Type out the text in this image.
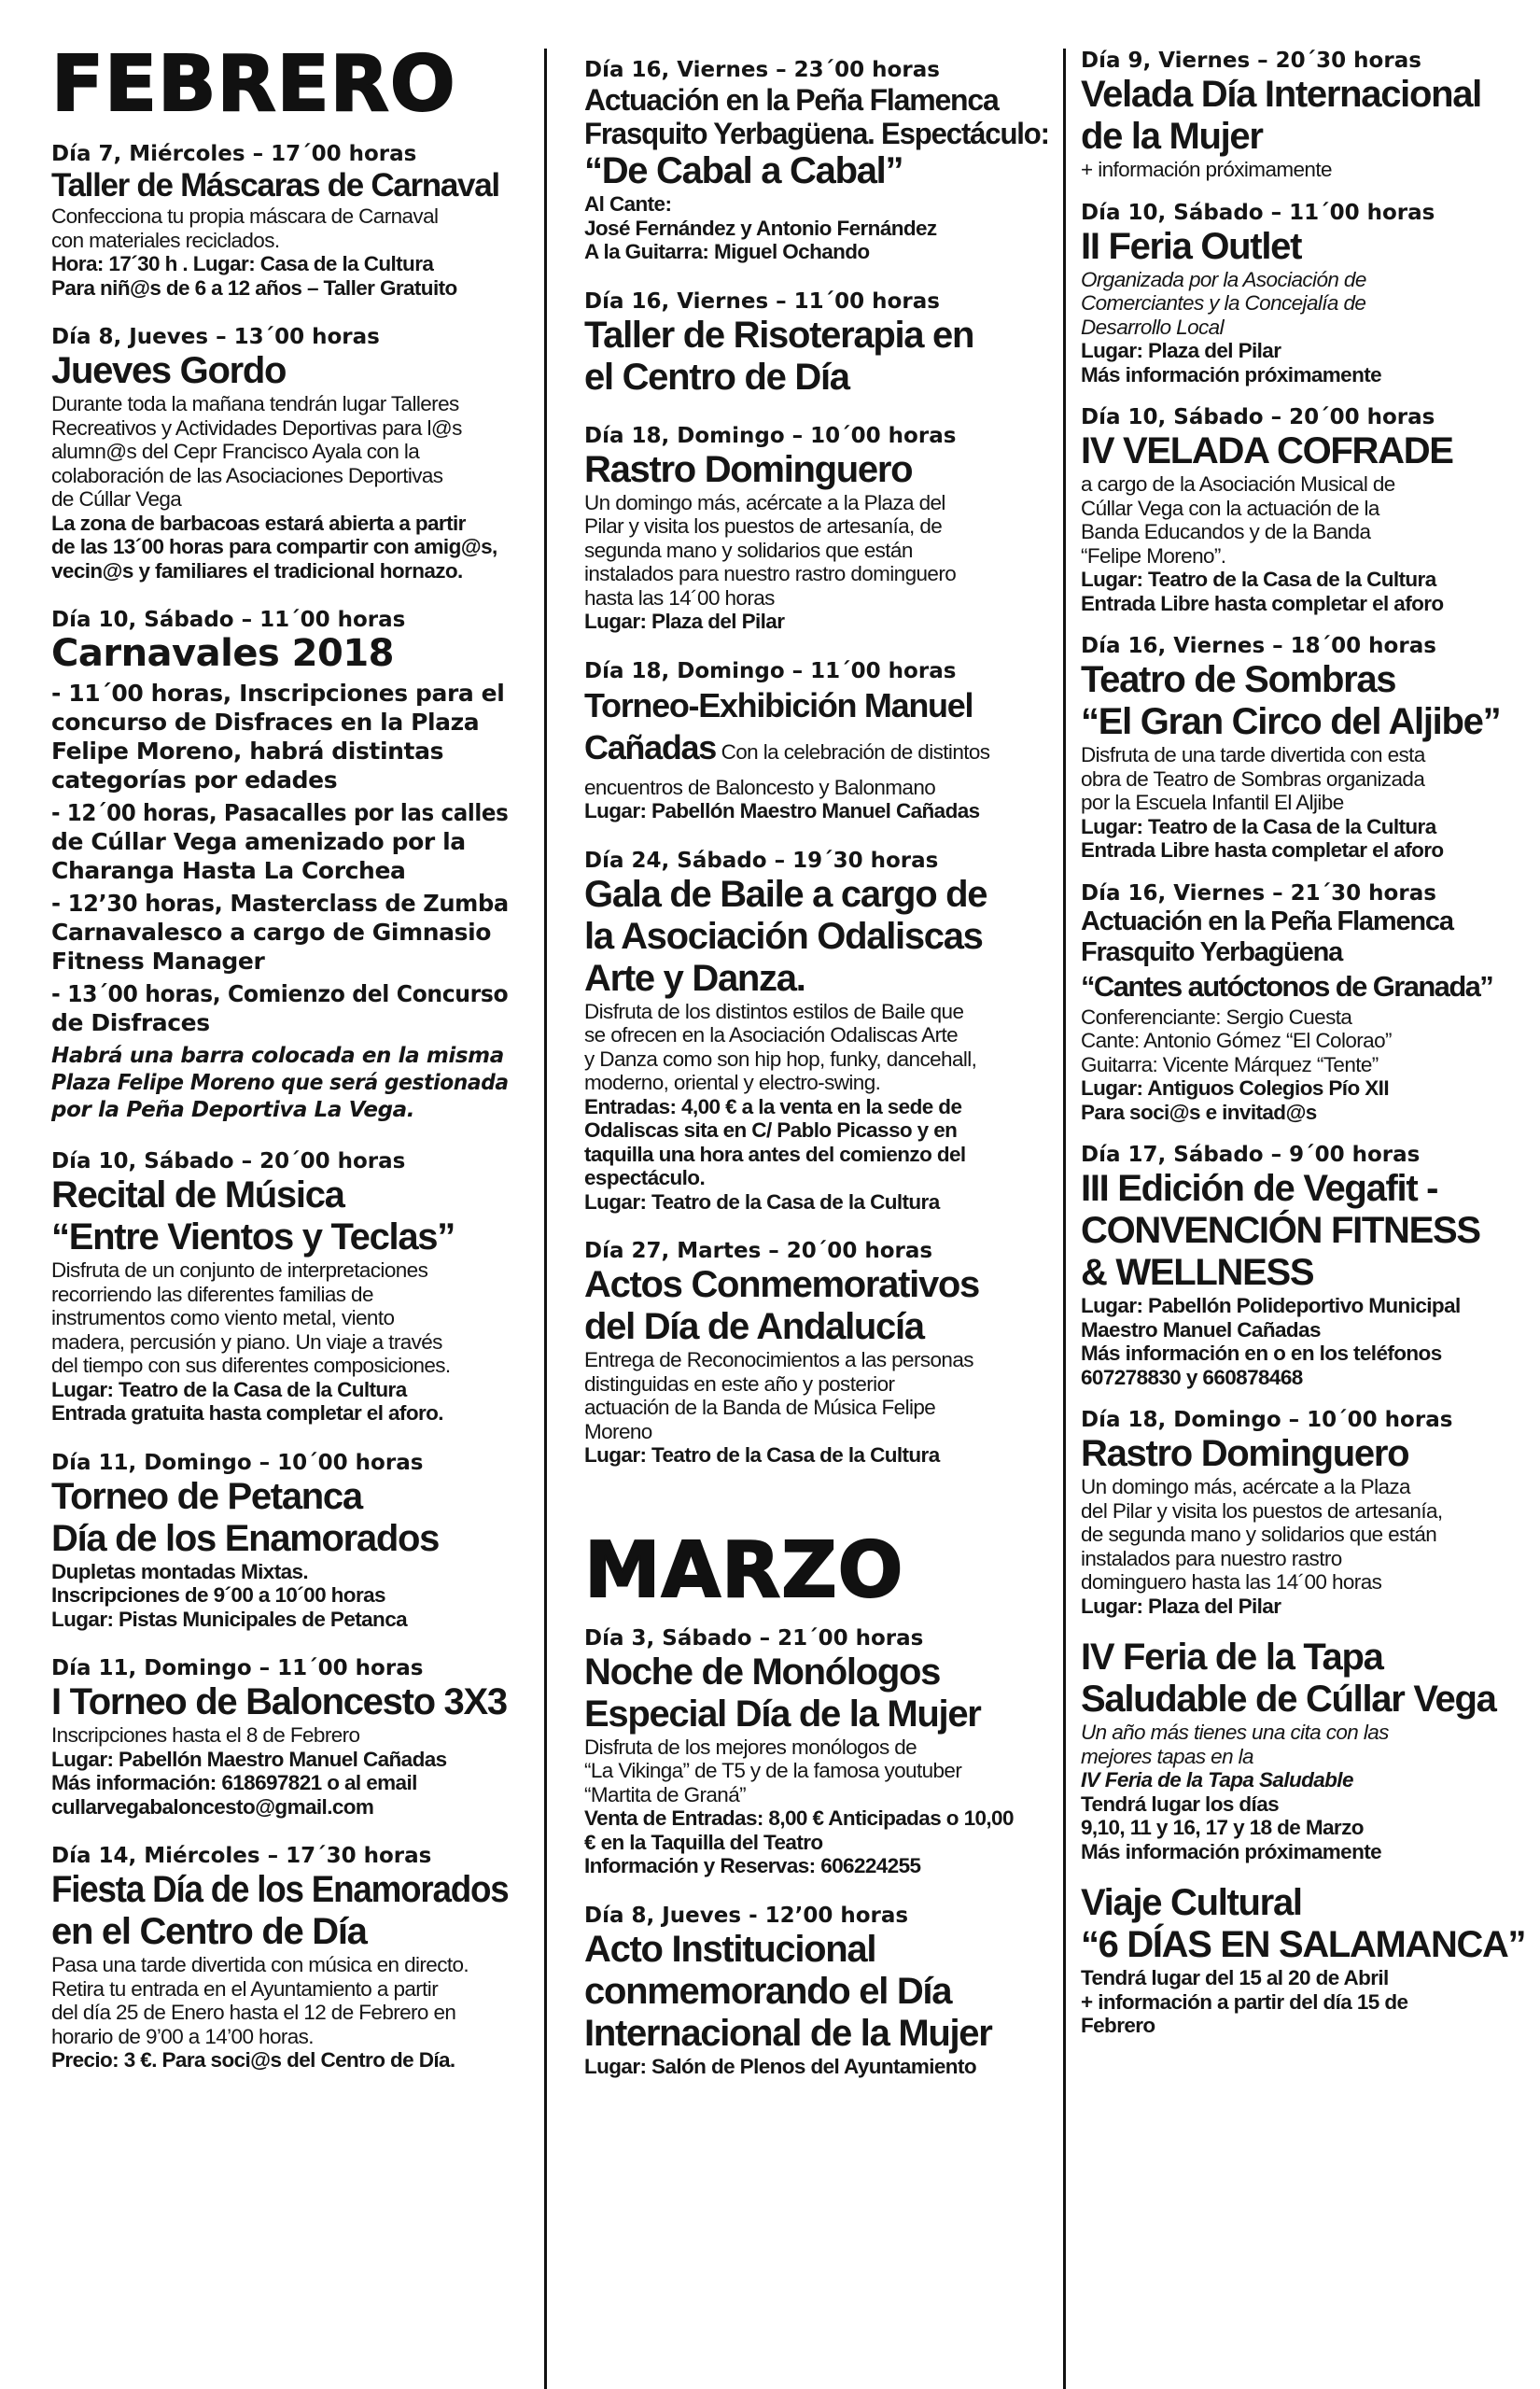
FEBRERO
Día 7, Miércoles – 17´00 horas
Taller de Máscaras de Carnaval
Confecciona tu propia máscara de Carnaval
con materiales reciclados.
Hora: 17´30 h . Lugar: Casa de la Cultura
Para niñ@s de 6 a 12 años – Taller Gratuito
Día 8, Jueves – 13´00 horas
Jueves Gordo
Durante toda la mañana tendrán lugar Talleres
Recreativos y Actividades Deportivas para l@s
alumn@s del Cepr Francisco Ayala con la
colaboración de las Asociaciones Deportivas
de Cúllar Vega
La zona de barbacoas estará abierta a partir
de las 13´00 horas para compartir con amig@s,
vecin@s y familiares el tradicional hornazo.
Día 10, Sábado – 11´00 horas
Carnavales 2018
- 11´00 horas, Inscripciones para el
concurso de Disfraces en la Plaza
Felipe Moreno, habrá distintas
categorías por edades
- 12´00 horas, Pasacalles por las calles
de Cúllar Vega amenizado por la
Charanga Hasta La Corchea
- 12’30 horas, Masterclass de Zumba
Carnavalesco a cargo de Gimnasio
Fitness Manager
- 13´00 horas, Comienzo del Concurso
de Disfraces
Habrá una barra colocada en la misma
Plaza Felipe Moreno que será gestionada
por la Peña Deportiva La Vega.
Día 10, Sábado – 20´00 horas
Recital de Música
“Entre Vientos y Teclas”
Disfruta de un conjunto de interpretaciones
recorriendo las diferentes familias de
instrumentos como viento metal, viento
madera, percusión y piano. Un viaje a través
del tiempo con sus diferentes composiciones.
Lugar: Teatro de la Casa de la Cultura
Entrada gratuita hasta completar el aforo.
Día 11, Domingo – 10´00 horas
Torneo de Petanca
Día de los Enamorados
Dupletas montadas Mixtas.
Inscripciones de 9´00 a 10´00 horas
Lugar: Pistas Municipales de Petanca
Día 11, Domingo – 11´00 horas
I Torneo de Baloncesto 3X3
Inscripciones hasta el 8 de Febrero
Lugar: Pabellón Maestro Manuel Cañadas
Más información: 618697821 o al email
cullarvegabaloncesto@gmail.com
Día 14, Miércoles – 17´30 horas
Fiesta Día de los Enamorados
en el Centro de Día
Pasa una tarde divertida con música en directo.
Retira tu entrada en el Ayuntamiento a partir
del día 25 de Enero hasta el 12 de Febrero en
horario de 9’00 a 14’00 horas.
Precio: 3 €. Para soci@s del Centro de Día.
Día 16, Viernes – 23´00 horas
Actuación en la Peña Flamenca
Frasquito Yerbagüena. Espectáculo:
“De Cabal a Cabal”
Al Cante:
José Fernández y Antonio Fernández
A la Guitarra: Miguel Ochando
Día 16, Viernes – 11´00 horas
Taller de Risoterapia en
el Centro de Día
Día 18, Domingo – 10´00 horas
Rastro Dominguero
Un domingo más, acércate a la Plaza del
Pilar y visita los puestos de artesanía, de
segunda mano y solidarios que están
instalados para nuestro rastro dominguero
hasta las 14´00 horas
Lugar: Plaza del Pilar
Día 18, Domingo – 11´00 horas
Torneo-Exhibición Manuel
Cañadas Con la celebración de distintos
encuentros de Baloncesto y Balonmano
Lugar: Pabellón Maestro Manuel Cañadas
Día 24, Sábado – 19´30 horas
Gala de Baile a cargo de
la Asociación Odaliscas
Arte y Danza.
Disfruta de los distintos estilos de Baile que
se ofrecen en la Asociación Odaliscas Arte
y Danza como son hip hop, funky, dancehall,
moderno, oriental y electro-swing.
Entradas: 4,00 € a la venta en la sede de
Odaliscas sita en C/ Pablo Picasso y en
taquilla una hora antes del comienzo del
espectáculo.
Lugar: Teatro de la Casa de la Cultura
Día 27, Martes – 20´00 horas
Actos Conmemorativos
del Día de Andalucía
Entrega de Reconocimientos a las personas
distinguidas en este año y posterior
actuación de la Banda de Música Felipe
Moreno
Lugar: Teatro de la Casa de la Cultura
MARZO
Día 3, Sábado – 21´00 horas
Noche de Monólogos
Especial Día de la Mujer
Disfruta de los mejores monólogos de
“La Vikinga” de T5 y de la famosa youtuber
“Martita de Graná”
Venta de Entradas: 8,00 € Anticipadas o 10,00
€ en la Taquilla del Teatro
Información y Reservas: 606224255
Día 8, Jueves - 12’00 horas
Acto Institucional
conmemorando el Día
Internacional de la Mujer
Lugar: Salón de Plenos del Ayuntamiento
Día 9, Viernes – 20´30 horas
Velada Día Internacional
de la Mujer
+ información próximamente
Día 10, Sábado – 11´00 horas
II Feria Outlet
Organizada por la Asociación de
Comerciantes y la Concejalía de
Desarrollo Local
Lugar: Plaza del Pilar
Más información próximamente
Día 10, Sábado – 20´00 horas
IV VELADA COFRADE
a cargo de la Asociación Musical de
Cúllar Vega con la actuación de la
Banda Educandos y de la Banda
“Felipe Moreno”.
Lugar: Teatro de la Casa de la Cultura
Entrada Libre hasta completar el aforo
Día 16, Viernes – 18´00 horas
Teatro de Sombras
“El Gran Circo del Aljibe”
Disfruta de una tarde divertida con esta
obra de Teatro de Sombras organizada
por la Escuela Infantil El Aljibe
Lugar: Teatro de la Casa de la Cultura
Entrada Libre hasta completar el aforo
Día 16, Viernes – 21´30 horas
Actuación en la Peña Flamenca
Frasquito Yerbagüena
“Cantes autóctonos de Granada”
Conferenciante: Sergio Cuesta
Cante: Antonio Gómez “El Colorao”
Guitarra: Vicente Márquez “Tente”
Lugar: Antiguos Colegios Pío XII
Para soci@s e invitad@s
Día 17, Sábado – 9´00 horas
III Edición de Vegafit -
CONVENCIÓN FITNESS
& WELLNESS
Lugar: Pabellón Polideportivo Municipal
Maestro Manuel Cañadas
Más información en o en los teléfonos
607278830 y 660878468
Día 18, Domingo – 10´00 horas
Rastro Dominguero
Un domingo más, acércate a la Plaza
del Pilar y visita los puestos de artesanía,
de segunda mano y solidarios que están
instalados para nuestro rastro
dominguero hasta las 14´00 horas
Lugar: Plaza del Pilar
IV Feria de la Tapa
Saludable de Cúllar Vega
Un año más tienes una cita con las
mejores tapas en la
IV Feria de la Tapa Saludable
Tendrá lugar los días
9,10, 11 y 16, 17 y 18 de Marzo
Más información próximamente
Viaje Cultural
“6 DÍAS EN SALAMANCA”
Tendrá lugar del 15 al 20 de Abril
+ información a partir del día 15 de
Febrero
